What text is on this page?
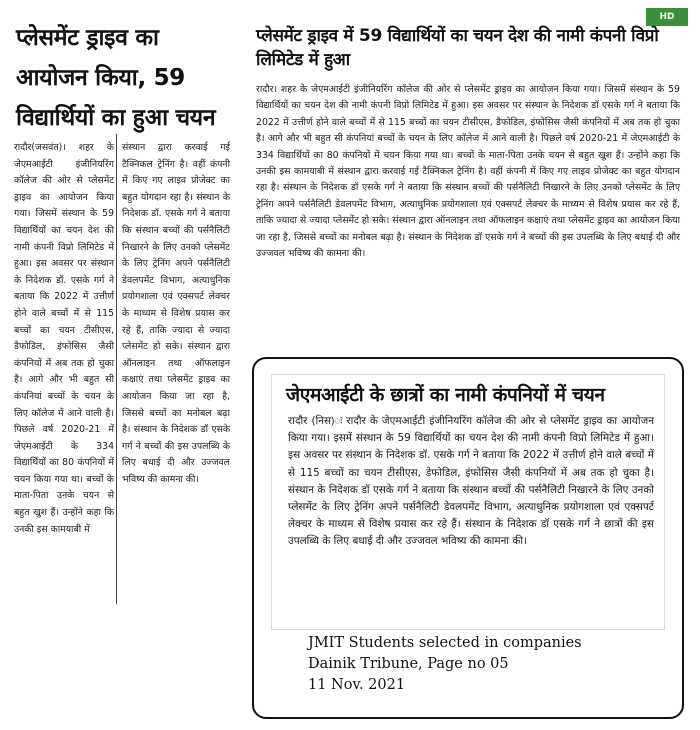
प्लेसमेंट ड्राइव का आयोजन किया, 59 विद्यार्थियों का हुआ चयन

रादौर(जसवंत)। शहर के जेएमआईटी इंजीनियरिंग कॉलेज की ओर से प्लेसमेंट ड्राइव का आयोजन किया गया। जिसमें संस्थान के 59 विद्यार्थियों का चयन देश की नामी कंपनी विप्रो लिमिटेड में हुआ। इस अवसर पर संस्थान के निदेशक डॉ. एसके गर्ग ने बताया कि 2022 में उत्तीर्ण होने वाले बच्चों में से 115 बच्चों का चयन टीसीएस, डैफोडिल, इंफोसिस जैसी कंपनियों में अब तक हो चुका है। आगे और भी बहुत सी कंपनियां बच्चों के चयन के लिए कॉलेज में आने वाली है। पिछले वर्ष 2020-21 में जेएमआईटी के 334 विद्यार्थियों का 80 कंपनियों में चयन किया गया था। बच्चों के माता-पिता उनके चयन से बहुत खुश हैं। उन्होंने कहा कि उनकी इस कामयाबी में

संस्थान द्वारा करवाई गई टैक्निकल ट्रेनिंग है। वहीं कंपनी में किए गए लाइव प्रोजेक्ट का बहुत योगदान रहा है। संस्थान के निदेशक डॉ. एसके गर्ग ने बताया कि संस्थान बच्चों की पर्सनैलिटी निखारने के लिए उनको प्लेसमेंट के लिए ट्रेनिंग अपने पर्सनैलिटी डेवलपमेंट विभाग, अत्याधुनिक प्रयोगशाला एवं एक्सपर्ट लेक्चर के माध्यम से विशेष प्रयास कर रहे हैं, ताकि ज्यादा से ज्यादा प्लेसमेंट हो सके। संस्थान द्वारा ऑनलाइन तथा ऑफलाइन कक्षाएं तथा प्लेसमेंट ड्राइव का आयोजन किया जा रहा है, जिससे बच्चों का मनोबल बढ़ा है। संस्थान के निदेशक डॉ एसके गर्ग ने बच्चों की इस उपलब्धि के लिए बधाई दी और उज्जवल भविष्य की कामना की।

HD
प्लेसमेंट ड्राइव में 59 विद्यार्थियों का चयन देश की नामी कंपनी विप्रो लिमिटेड में हुआ

रादौर। शहर के जेएमआईटी इंजीनियरिंग कॉलेज की ओर से प्लेसमेंट ड्राइव का आयोजन किया गया। जिसमें संस्थान के 59 विद्यार्थियों का चयन देश की नामी कंपनी विप्रो लिमिटेड में हुआ। इस अवसर पर संस्थान के निदेशक डॉ एसके गर्ग ने बताया कि 2022 में उत्तीर्ण होने वाले बच्चों में से 115 बच्चों का चयन टीसीएस, डैफोडिल, इंफोसिस जैसी कंपनियों में अब तक हो चुका है। आगे और भी बहुत सी कंपनियां बच्चों के चयन के लिए कॉलेज में आने वाली है। पिछले वर्ष 2020-21 में जेएमआईटी के 334 विद्यार्थियों का 80 कंपनियों में चयन किया गया था। बच्चों के माता-पिता उनके चयन से बहुत खुश हैं। उन्होंने कहा कि उनकी इस कामयाबी में संस्थान द्वारा करवाई गई टैक्निकल ट्रेनिंग है। वहीं कंपनी में किए गए लाइव प्रोजेक्ट का बहुत योगदान रहा है। संस्थान के निदेशक डॉ एसके गर्ग ने बताया कि संस्थान बच्चों की पर्सनैलिटी निखारने के लिए उनको प्लेसमेंट के लिए ट्रेनिंग अपने पर्सनैलिटी डेवलपमेंट विभाग, अत्याधुनिक प्रयोगशाला एवं एक्सपर्ट लेक्चर के माध्यम से विशेष प्रयास कर रहे हैं, ताकि ज्यादा से ज्यादा प्लेसमेंट हो सके। संस्थान द्वारा ऑनलाइन तथा ऑफलाइन कक्षाएं तथा प्लेसमेंट ड्राइव का आयोजन किया जा रहा है, जिससे बच्चों का मनोबल बढ़ा है। संस्थान के निदेशक डॉ एसके गर्ग ने बच्चों की इस उपलब्धि के लिए बधाई दी और उज्जवल भविष्य की कामना की।

जेएमआईटी के छात्रों का नामी कंपनियों में चयन

रादौर (निस)ः रादौर के जेएमआईटी इंजीनियरिंग कॉलेज की ओर से प्लेसमेंट ड्राइव का आयोजन किया गया। इसमें संस्थान के 59 विद्यार्थियों का चयन देश की नामी कंपनी विप्रो लिमिटेड में हुआ। इस अवसर पर संस्थान के निदेशक डॉ. एसके गर्ग ने बताया कि 2022 में उत्तीर्ण होने वाले बच्चों में से 115 बच्चों का चयन टीसीएस, डेफोडिल, इंफोसिस जैसी कंपनियों में अब तक हो चुका है। संस्थान के निदेशक डॉ एसके गर्ग ने बताया कि संस्थान बच्चों की पर्सनैलिटी निखारने के लिए उनको प्लेसमेंट के लिए ट्रेनिंग अपने पर्सनैलिटी डेवलपमेंट विभाग, अत्याधुनिक प्रयोगशाला एवं एक्सपर्ट लेक्चर के माध्यम से विशेष प्रयास कर रहे हैं। संस्थान के निदेशक डॉ एसके गर्ग ने छात्रों की इस उपलब्धि के लिए बधाई दी और उज्जवल भविष्य की कामना की।

JMIT Students selected in companies
Dainik Tribune, Page no 05
11 Nov. 2021
